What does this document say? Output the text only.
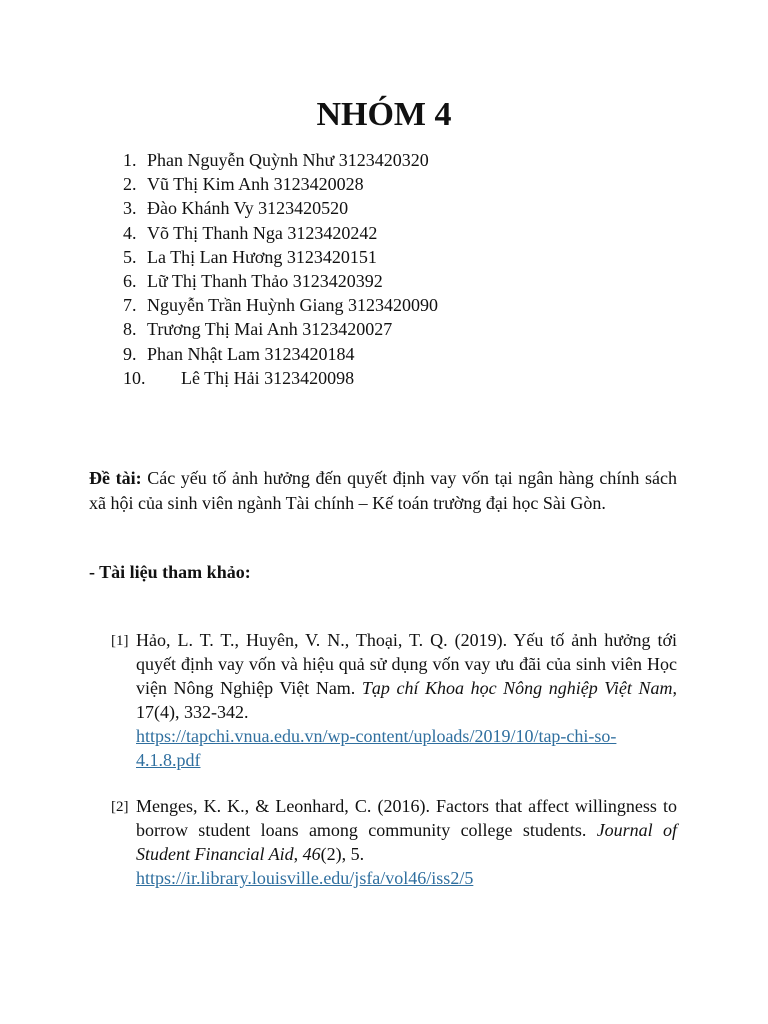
NHÓM 4
1. Phan Nguyễn Quỳnh Như 3123420320
2. Vũ Thị Kim Anh 3123420028
3. Đào Khánh Vy 3123420520
4. Võ Thị Thanh Nga 3123420242
5. La Thị Lan Hương 3123420151
6. Lữ Thị Thanh Thảo 3123420392
7. Nguyễn Trần Huỳnh Giang 3123420090
8. Trương Thị Mai Anh 3123420027
9. Phan Nhật Lam 3123420184
10.	Lê Thị Hải 3123420098

Đề tài: Các yếu tố ảnh hưởng đến quyết định vay vốn tại ngân hàng chính sách xã hội của sinh viên ngành Tài chính – Kế toán trường đại học Sài Gòn.

- Tài liệu tham khảo:

[1] Hảo, L. T. T., Huyên, V. N., Thoại, T. Q. (2019). Yếu tố ảnh hưởng tới quyết định vay vốn và hiệu quả sử dụng vốn vay ưu đãi của sinh viên Học viện Nông Nghiệp Việt Nam. Tạp chí Khoa học Nông nghiệp Việt Nam, 17(4), 332-342.
https://tapchi.vnua.edu.vn/wp-content/uploads/2019/10/tap-chi-so-4.1.8.pdf
[2] Menges, K. K., & Leonhard, C. (2016). Factors that affect willingness to borrow student loans among community college students. Journal of Student Financial Aid, 46(2), 5.
https://ir.library.louisville.edu/jsfa/vol46/iss2/5
